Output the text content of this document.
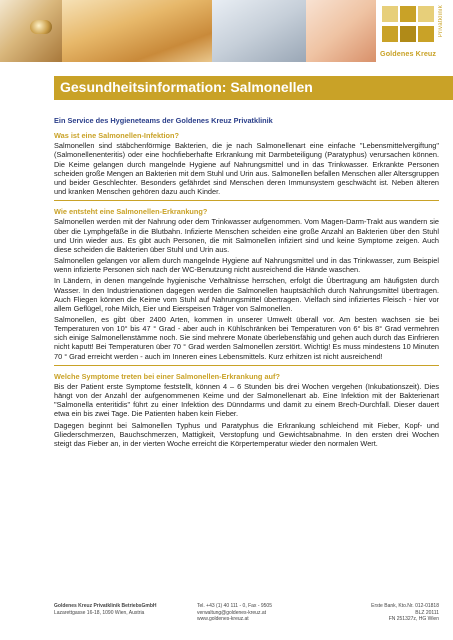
Goldenes Kreuz
Privatklinik
Gesundheitsinformation: Salmonellen
Ein Service des Hygieneteams der Goldenes Kreuz Privatklinik
Was ist eine Salmonellen-Infektion?

Salmonellen sind stäbchenförmige Bakterien, die je nach Salmonellenart eine einfache "Lebensmittelvergiftung" (Salmonellenenteritis) oder eine hochfieberhafte Erkrankung mit Darmbeteiligung (Paratyphus) verursachen können. Die Keime gelangen durch mangelnde Hygiene auf Nahrungsmittel und in das Trinkwasser. Erkrankte Personen scheiden große Mengen an Bakterien mit dem Stuhl und Urin aus. Salmonellen befallen Menschen aller Altersgruppen und beider Geschlechter. Besonders gefährdet sind Menschen deren Immunsystem geschwächt ist. Neben älteren und kranken Menschen gehören dazu auch Kinder.

Wie entsteht eine Salmonellen-Erkrankung?

Salmonellen werden mit der Nahrung oder dem Trinkwasser aufgenommen. Vom Magen-Darm-Trakt aus wandern sie über die Lymphgefäße in die Blutbahn. Infizierte Menschen scheiden eine große Anzahl an Bakterien über den Stuhl und Urin wieder aus. Es gibt auch Personen, die mit Salmonellen infiziert sind und keine Symptome zeigen. Auch diese scheiden die Bakterien über Stuhl und Urin aus.

Salmonellen gelangen vor allem durch mangelnde Hygiene auf Nahrungsmittel und in das Trinkwasser, zum Beispiel wenn infizierte Personen sich nach der WC-Benutzung nicht ausreichend die Hände waschen.

In Ländern, in denen mangelnde hygienische Verhältnisse herrschen, erfolgt die Übertragung am häufigsten durch Wasser. In den Industrienationen dagegen werden die Salmonellen hauptsächlich durch Nahrungsmittel übertragen. Auch Fliegen können die Keime vom Stuhl auf Nahrungsmittel übertragen. Vielfach sind infiziertes Fleisch - hier vor allem Geflügel, rohe Milch, Eier und Eierspeisen Träger von Salmonellen.

Salmonellen, es gibt über 2400 Arten, kommen in unserer Umwelt überall vor. Am besten wachsen sie bei Temperaturen von 10° bis 47 ° Grad - aber auch in Kühlschränken bei Temperaturen von 6° bis 8° Grad vermehren sich einige Salmonellenstämme noch. Sie sind mehrere Monate überlebensfähig und gehen auch durch das Einfrieren nicht kaputt! Bei Temperaturen über 70 ° Grad werden Salmonellen zerstört. Wichtig! Es muss mindestens 10 Minuten 70 ° Grad erreicht werden - auch im Inneren eines Lebensmittels. Kurz erhitzen ist nicht ausreichend!

Welche Symptome treten bei einer Salmonellen-Erkrankung auf?

Bis der Patient erste Symptome feststellt, können 4 – 6 Stunden bis drei Wochen vergehen (Inkubationszeit). Dies hängt von der Anzahl der aufgenommenen Keime und der Salmonellenart ab. Eine Infektion mit der Bakterienart "Salmonella enteritidis" führt zu einer Infektion des Dünndarms und damit zu einem Brech-Durchfall. Dieser dauert etwa ein bis zwei Tage. Die Patienten haben kein Fieber.

Dagegen beginnt bei Salmonellen Typhus und Paratyphus die Erkrankung schleichend mit Fieber, Kopf- und Gliederschmerzen, Bauchschmerzen, Mattigkeit, Verstopfung und Gewichtsabnahme. In den ersten drei Wochen steigt das Fieber an, in der vierten Woche erreicht die Körpertemperatur wieder den normalen Wert.

Goldenes Kreuz Privatklinik BetriebsGmbH
Lazarettgasse 16-18, 1090 Wien, Austria
Tel. +43 (1) 40 111 - 0, Fax - 9505
verwaltung@goldenes-kreuz.at
www.goldenes-kreuz.at
Erste Bank, Kto.Nr. 012-01818
BLZ 20111
FN 251327z, HG Wien
